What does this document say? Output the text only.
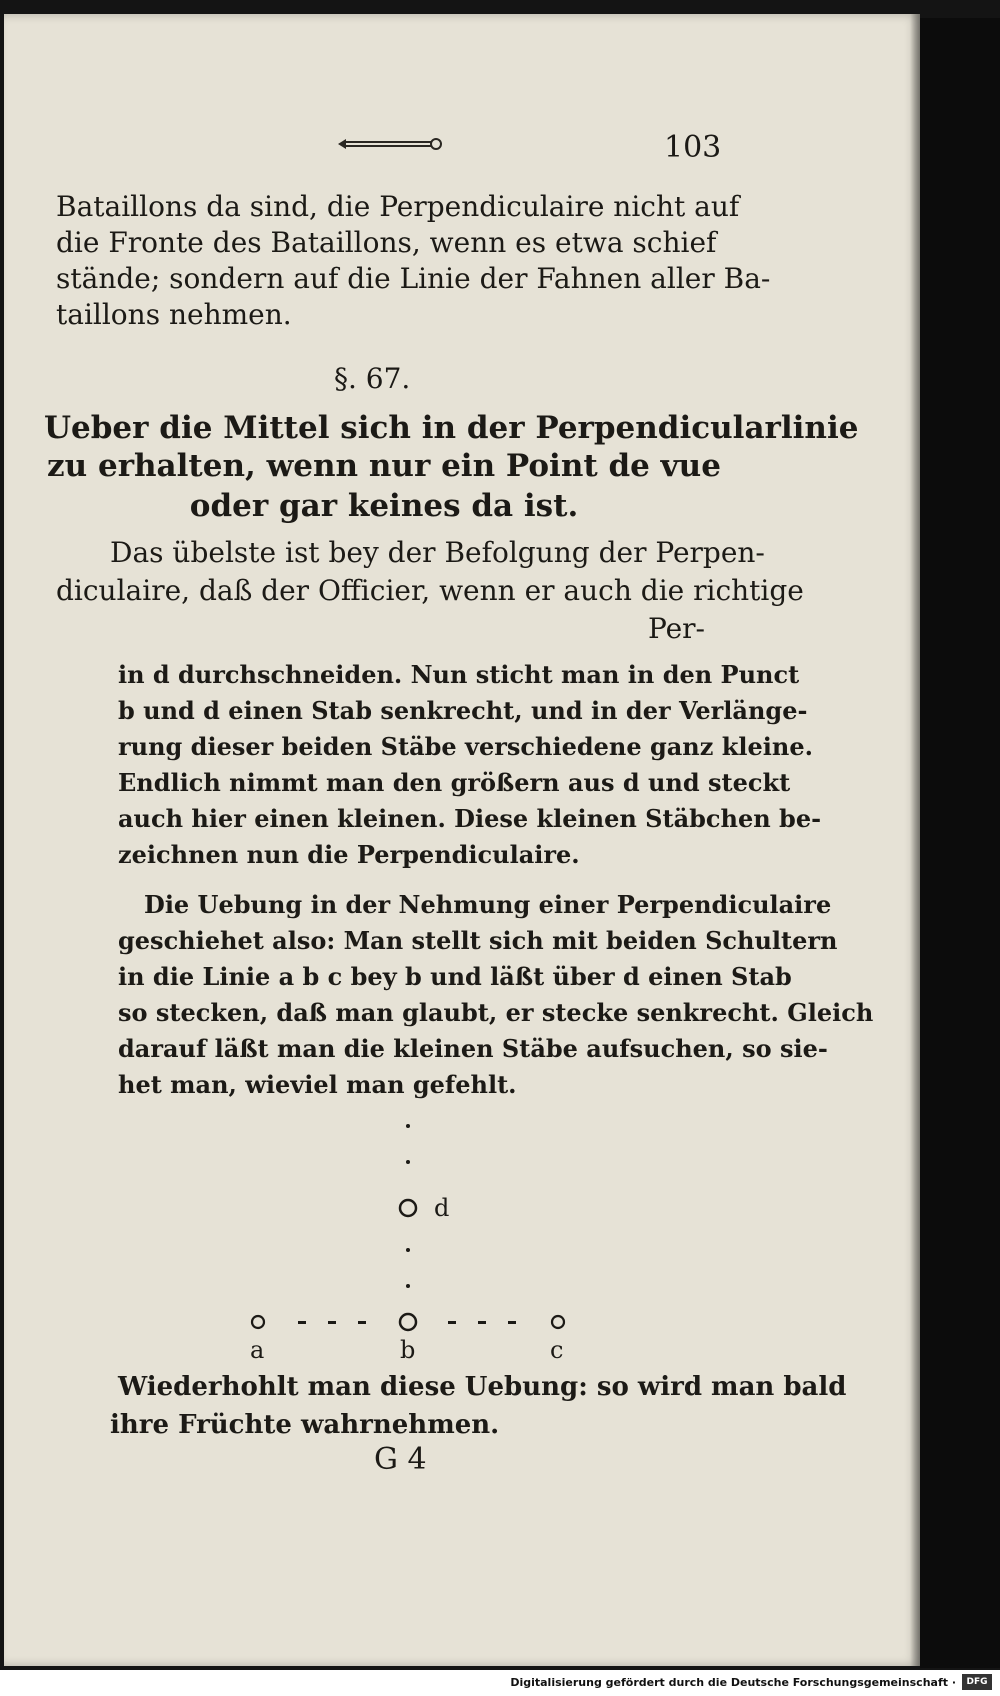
103
Bataillons da sind, die Perpendiculaire nicht auf
die Fronte des Bataillons, wenn es etwa schief
stände; sondern auf die Linie der Fahnen aller Ba-
taillons nehmen.
§. 67.
Ueber die Mittel sich in der Perpendicularlinie
zu erhalten, wenn nur ein Point de vue
oder gar keines da ist.
Das übelste ist bey der Befolgung der Perpen-
diculaire, daß der Officier, wenn er auch die richtige
Per-
in d durchschneiden. Nun sticht man in den Punct
b und d einen Stab senkrecht, und in der Verlänge-
rung dieser beiden Stäbe verschiedene ganz kleine.
Endlich nimmt man den größern aus d und steckt
auch hier einen kleinen. Diese kleinen Stäbchen be-
zeichnen nun die Perpendiculaire.
Die Uebung in der Nehmung einer Perpendiculaire
geschiehet also: Man stellt sich mit beiden Schultern
in die Linie a b c bey b und läßt über d einen Stab
so stecken, daß man glaubt, er stecke senkrecht. Gleich
darauf läßt man die kleinen Stäbe aufsuchen, so sie-
het man, wieviel man gefehlt.
d
a	b	c
Wiederhohlt man diese Uebung: so wird man bald
ihre Früchte wahrnehmen.
G 4
Digitalisierung gefördert durch die Deutsche Forschungsgemeinschaft ·	DFG
